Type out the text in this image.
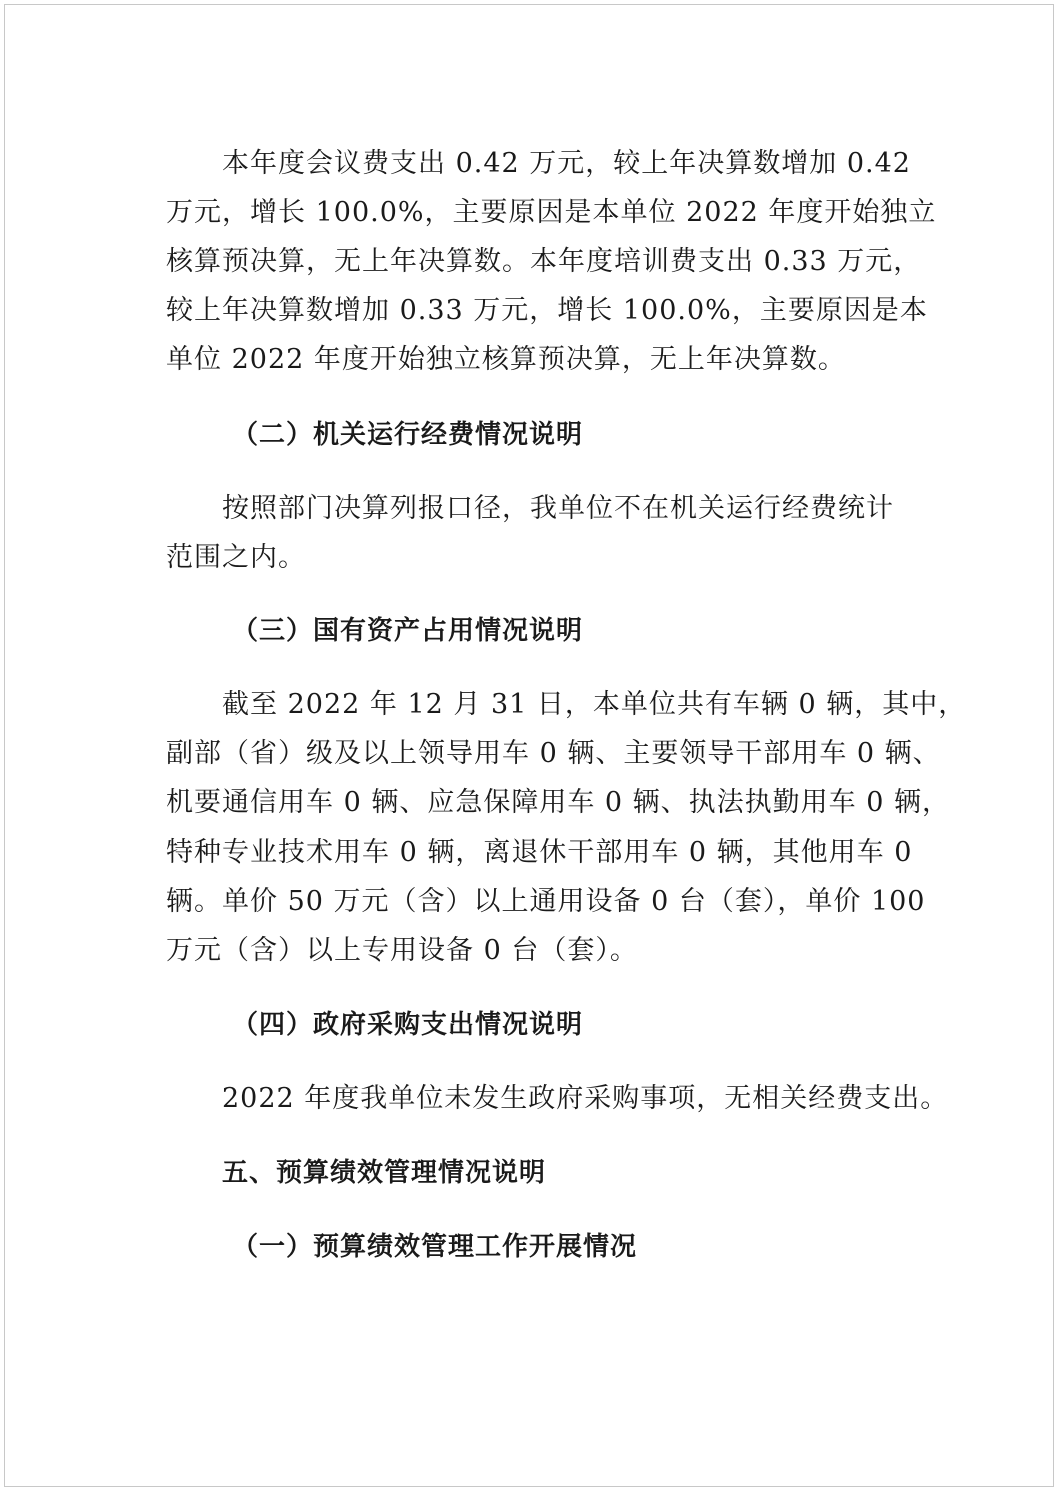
本年度会议费支出 0.42 万元，较上年决算数增加 0.42
万元，增长 100.0%，主要原因是本单位 2022 年度开始独立
核算预决算，无上年决算数。本年度培训费支出 0.33 万元，
较上年决算数增加 0.33 万元，增长 100.0%，主要原因是本
单位 2022 年度开始独立核算预决算，无上年决算数。
（二）机关运行经费情况说明
按照部门决算列报口径，我单位不在机关运行经费统计
范围之内。
（三）国有资产占用情况说明
截至 2022 年 12 月 31 日，本单位共有车辆 0 辆，其中，
副部（省）级及以上领导用车 0 辆、主要领导干部用车 0 辆、
机要通信用车 0 辆、应急保障用车 0 辆、执法执勤用车 0 辆，
特种专业技术用车 0 辆，离退休干部用车 0 辆，其他用车 0
辆。单价 50 万元（含）以上通用设备 0 台（套），单价 100
万元（含）以上专用设备 0 台（套）。
（四）政府采购支出情况说明
2022 年度我单位未发生政府采购事项，无相关经费支出。
五、预算绩效管理情况说明
（一）预算绩效管理工作开展情况
